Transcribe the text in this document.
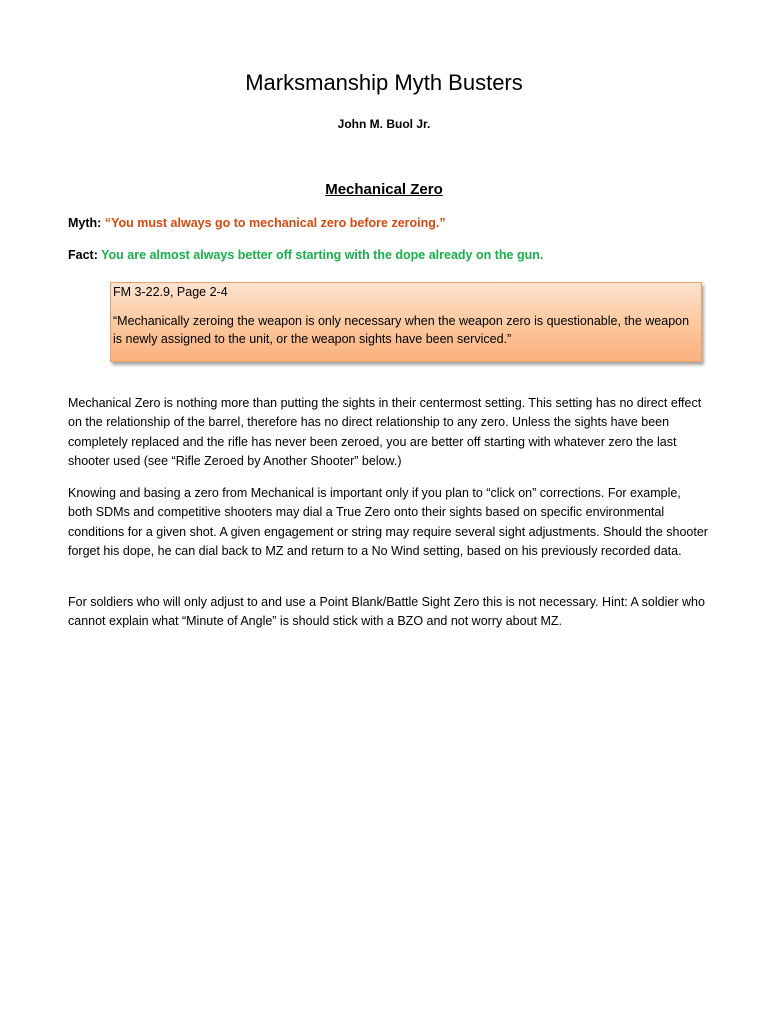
Marksmanship Myth Busters
John M. Buol Jr.
Mechanical Zero
Myth: “You must always go to mechanical zero before zeroing.”
Fact: You are almost always better off starting with the dope already on the gun.

FM 3-22.9, Page 2-4

“Mechanically zeroing the weapon is only necessary when the weapon zero is questionable, the weapon is newly assigned to the unit, or the weapon sights have been serviced.”

Mechanical Zero is nothing more than putting the sights in their centermost setting. This setting has no direct effect on the relationship of the barrel, therefore has no direct relationship to any zero. Unless the sights have been completely replaced and the rifle has never been zeroed, you are better off starting with whatever zero the last shooter used (see “Rifle Zeroed by Another Shooter” below.)

Knowing and basing a zero from Mechanical is important only if you plan to “click on” corrections. For example, both SDMs and competitive shooters may dial a True Zero onto their sights based on specific environmental conditions for a given shot. A given engagement or string may require several sight adjustments. Should the shooter forget his dope, he can dial back to MZ and return to a No Wind setting, based on his previously recorded data.

For soldiers who will only adjust to and use a Point Blank/Battle Sight Zero this is not necessary. Hint: A soldier who cannot explain what “Minute of Angle” is should stick with a BZO and not worry about MZ.
